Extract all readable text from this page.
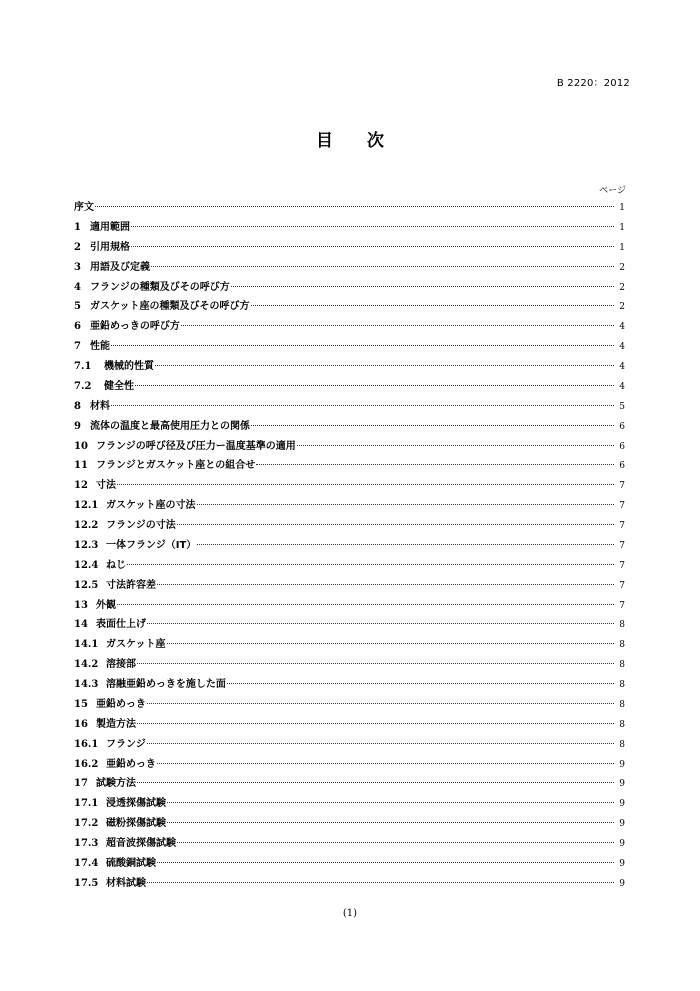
B 2220：2012
目 次
ページ
序文	1
1 適用範囲	1
2 引用規格	1
3 用語及び定義	2
4 フランジの種類及びその呼び方	2
5 ガスケット座の種類及びその呼び方	2
6 亜鉛めっきの呼び方	4
7 性能	4
7.1	機械的性質	4
7.2	健全性	4
8 材料	5
9 流体の温度と最高使用圧力との関係	6
10 フランジの呼び径及び圧力ー温度基準の適用	6
11 フランジとガスケット座との組合せ	6
12 寸法	7
12.1 ガスケット座の寸法	7
12.2 フランジの寸法	7
12.3 一体フランジ（IT）	7
12.4 ねじ	7
12.5 寸法許容差	7
13 外観	7
14 表面仕上げ	8
14.1 ガスケット座	8
14.2 溶接部	8
14.3 溶融亜鉛めっきを施した面	8
15 亜鉛めっき	8
16 製造方法	8
16.1 フランジ	8
16.2 亜鉛めっき	9
17 試験方法	9
17.1 浸透探傷試験	9
17.2 磁粉探傷試験	9
17.3 超音波探傷試験	9
17.4 硫酸銅試験	9
17.5 材料試験	9
(1)
